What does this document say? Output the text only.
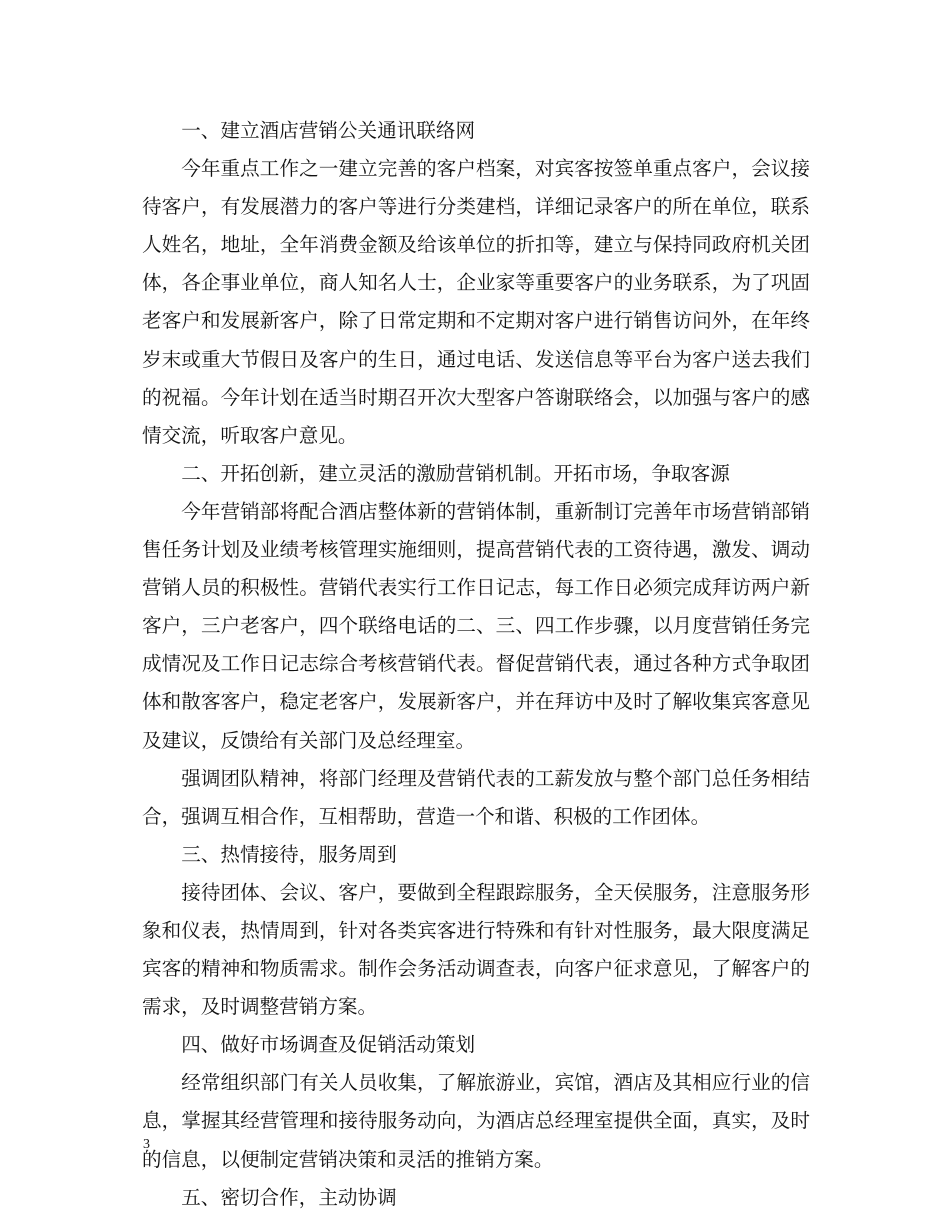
一、建立酒店营销公关通讯联络网

今年重点工作之一建立完善的客户档案，对宾客按签单重点客户，会议接待客户，有发展潜力的客户等进行分类建档，详细记录客户的所在单位，联系人姓名，地址，全年消费金额及给该单位的折扣等，建立与保持同政府机关团体，各企事业单位，商人知名人士，企业家等重要客户的业务联系，为了巩固老客户和发展新客户，除了日常定期和不定期对客户进行销售访问外，在年终岁末或重大节假日及客户的生日，通过电话、发送信息等平台为客户送去我们的祝福。今年计划在适当时期召开次大型客户答谢联络会，以加强与客户的感情交流，听取客户意见。

二、开拓创新，建立灵活的激励营销机制。开拓市场，争取客源

今年营销部将配合酒店整体新的营销体制，重新制订完善年市场营销部销售任务计划及业绩考核管理实施细则，提高营销代表的工资待遇，激发、调动营销人员的积极性。营销代表实行工作日记志，每工作日必须完成拜访两户新客户，三户老客户，四个联络电话的二、三、四工作步骤，以月度营销任务完成情况及工作日记志综合考核营销代表。督促营销代表，通过各种方式争取团体和散客客户，稳定老客户，发展新客户，并在拜访中及时了解收集宾客意见及建议，反馈给有关部门及总经理室。

强调团队精神，将部门经理及营销代表的工薪发放与整个部门总任务相结合，强调互相合作，互相帮助，营造一个和谐、积极的工作团体。

三、热情接待，服务周到

接待团体、会议、客户，要做到全程跟踪服务，全天侯服务，注意服务形象和仪表，热情周到，针对各类宾客进行特殊和有针对性服务，最大限度满足宾客的精神和物质需求。制作会务活动调查表，向客户征求意见，了解客户的需求，及时调整营销方案。

四、做好市场调查及促销活动策划

经常组织部门有关人员收集，了解旅游业，宾馆，酒店及其相应行业的信息，掌握其经营管理和接待服务动向，为酒店总经理室提供全面，真实，及时的信息，以便制定营销决策和灵活的推销方案。

五、密切合作，主动协调

3
